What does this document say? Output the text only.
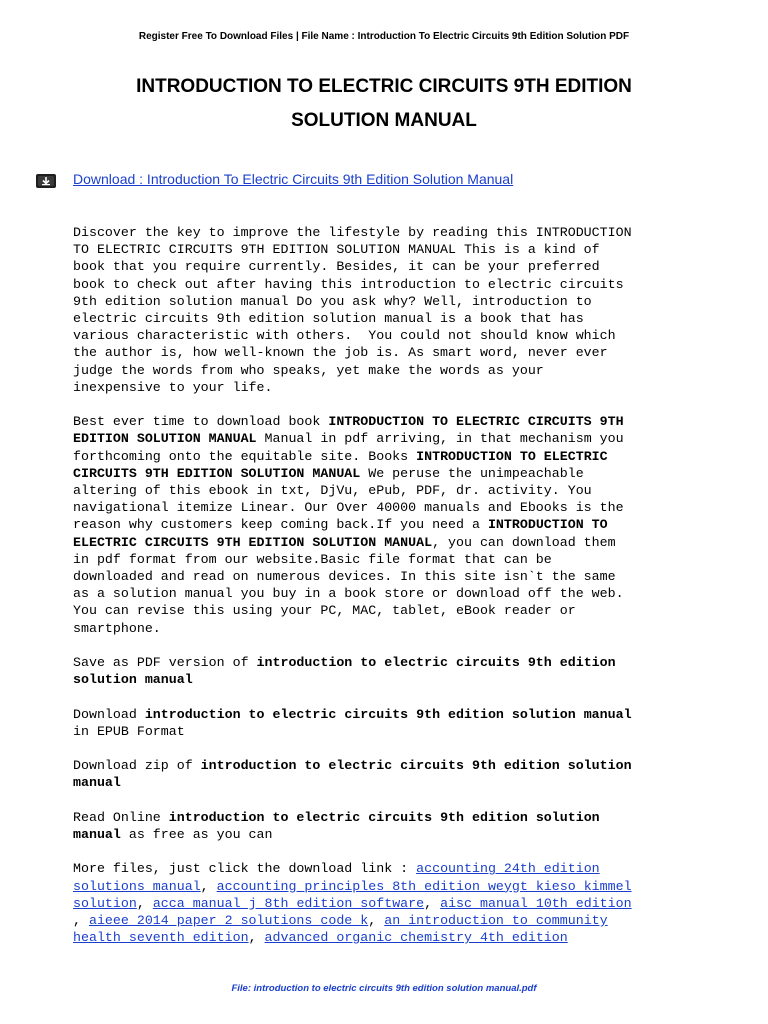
Register Free To Download Files | File Name : Introduction To Electric Circuits 9th Edition Solution PDF
INTRODUCTION TO ELECTRIC CIRCUITS 9TH EDITION
SOLUTION MANUAL
Download : Introduction To Electric Circuits 9th Edition Solution Manual

Discover the key to improve the lifestyle by reading this INTRODUCTION
TO ELECTRIC CIRCUITS 9TH EDITION SOLUTION MANUAL This is a kind of
book that you require currently. Besides, it can be your preferred
book to check out after having this introduction to electric circuits
9th edition solution manual Do you ask why? Well, introduction to
electric circuits 9th edition solution manual is a book that has
various characteristic with others.  You could not should know which
the author is, how well-known the job is. As smart word, never ever
judge the words from who speaks, yet make the words as your
inexpensive to your life.

Best ever time to download book INTRODUCTION TO ELECTRIC CIRCUITS 9TH
EDITION SOLUTION MANUAL Manual in pdf arriving, in that mechanism you
forthcoming onto the equitable site. Books INTRODUCTION TO ELECTRIC
CIRCUITS 9TH EDITION SOLUTION MANUAL We peruse the unimpeachable
altering of this ebook in txt, DjVu, ePub, PDF, dr. activity. You
navigational itemize Linear. Our Over 40000 manuals and Ebooks is the
reason why customers keep coming back.If you need a INTRODUCTION TO
ELECTRIC CIRCUITS 9TH EDITION SOLUTION MANUAL, you can download them
in pdf format from our website.Basic file format that can be
downloaded and read on numerous devices. In this site isn`t the same
as a solution manual you buy in a book store or download off the web.
You can revise this using your PC, MAC, tablet, eBook reader or
smartphone.

Save as PDF version of introduction to electric circuits 9th edition
solution manual

Download introduction to electric circuits 9th edition solution manual
in EPUB Format

Download zip of introduction to electric circuits 9th edition solution
manual

Read Online introduction to electric circuits 9th edition solution
manual as free as you can

More files, just click the download link : accounting 24th edition
solutions manual, accounting principles 8th edition weygt kieso kimmel
solution, acca manual j 8th edition software, aisc manual 10th edition
, aieee 2014 paper 2 solutions code k, an introduction to community
health seventh edition, advanced organic chemistry 4th edition

File: introduction to electric circuits 9th edition solution manual.pdf
